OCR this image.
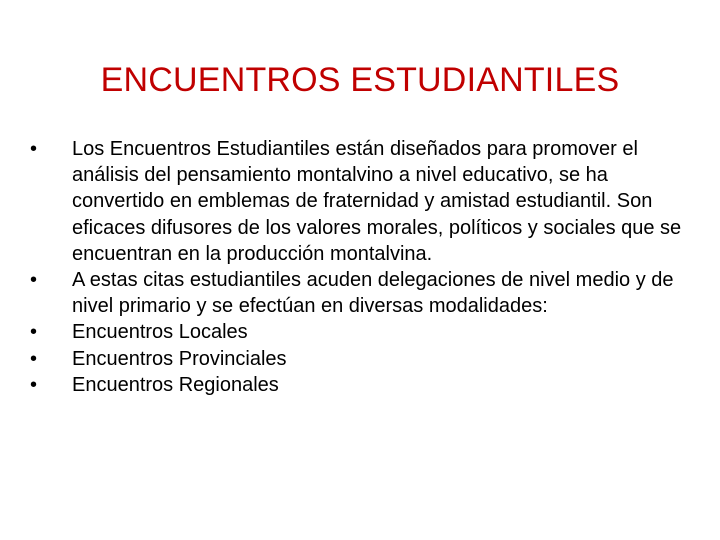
ENCUENTROS ESTUDIANTILES
•	Los Encuentros Estudiantiles están diseñados para promover el análisis del pensamiento montalvino a nivel educativo, se ha convertido en emblemas de fraternidad y amistad estudiantil. Son eficaces difusores de los valores morales, políticos y sociales que se encuentran en la producción montalvina.
•	A estas citas estudiantiles acuden delegaciones de nivel medio y de nivel primario y se efectúan en diversas modalidades:
•	Encuentros Locales
•	Encuentros Provinciales
•	Encuentros Regionales
